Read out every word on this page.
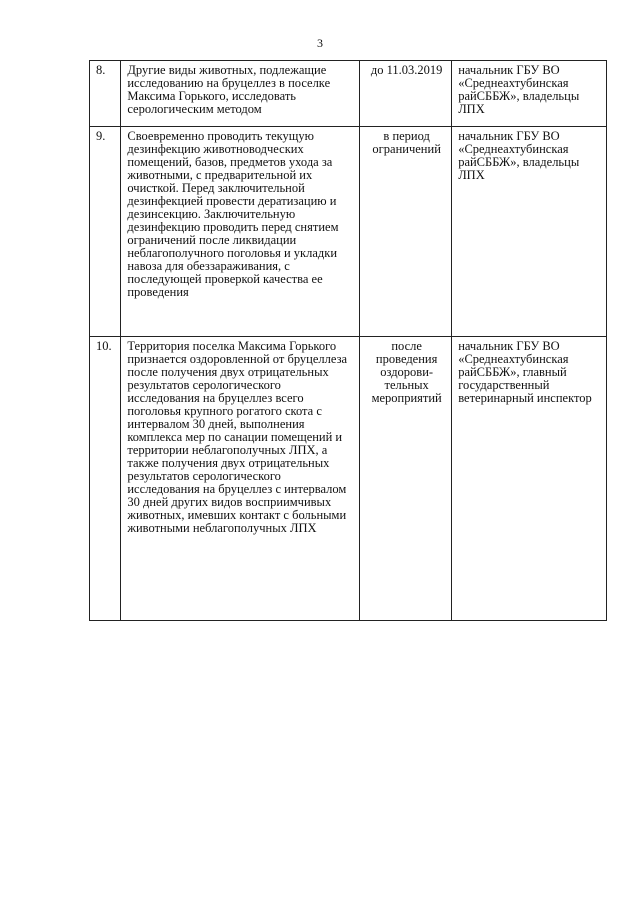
3
8.	Другие виды животных, подлежащие исследованию на бруцеллез в поселке Максима Горького, исследовать серологическим методом	до 11.03.2019	начальник ГБУ ВО «Среднеахтубинская райСББЖ», владельцы ЛПХ
9.	Своевременно проводить текущую дезинфекцию животноводческих помещений, базов, предметов ухода за животными, с предварительной их очисткой. Перед заключительной дезинфекцией провести дератизацию и дезинсекцию. Заключительную дезинфекцию проводить перед снятием ограничений после ликвидации неблагополучного поголовья и укладки навоза для обеззараживания, с последующей проверкой качества ее проведения	в период ограничений	начальник ГБУ ВО «Среднеахтубинская райСББЖ», владельцы ЛПХ
10.	Территория поселка Максима Горького признается оздоровленной от бруцеллеза после получения двух отрицательных результатов серологического исследования на бруцеллез всего поголовья крупного рогатого скота с интервалом 30 дней, выполнения комплекса мер по санации помещений и территории неблагополучных ЛПХ, а также получения двух отрицательных результатов серологического исследования на бруцеллез с интервалом 30 дней других видов восприимчивых животных, имевших контакт с больными животными неблагополучных ЛПХ	после проведения оздорови-тельных мероприятий	начальник ГБУ ВО «Среднеахтубинская райСББЖ», главный государственный ветеринарный инспектор
